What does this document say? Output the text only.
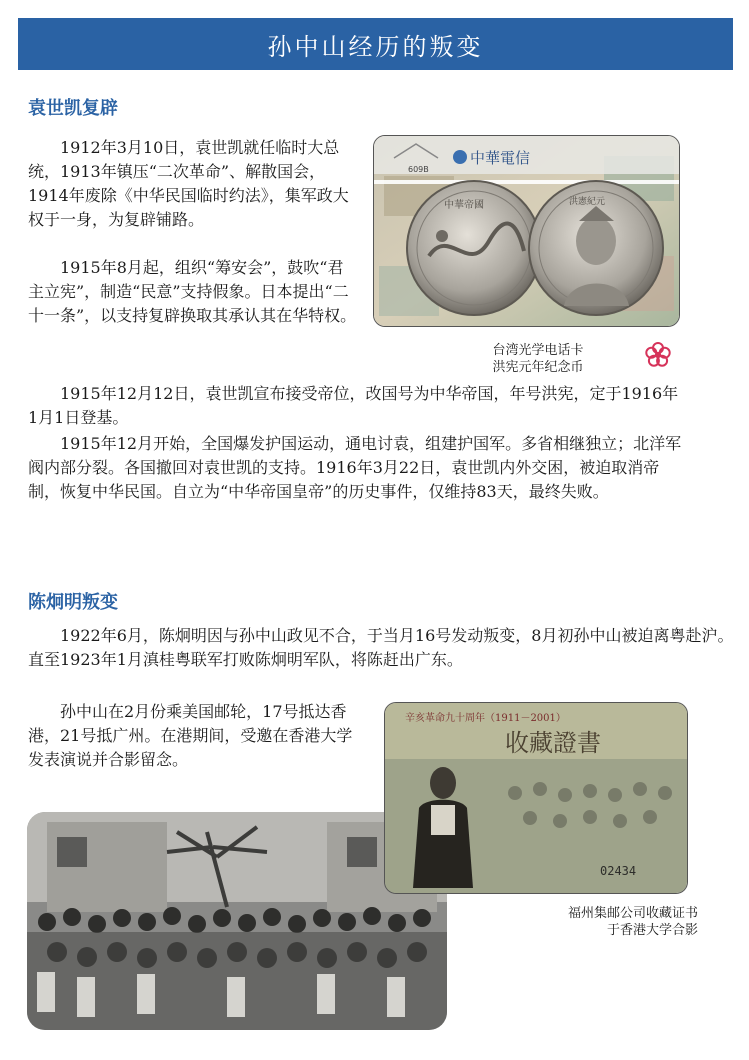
孙中山经历的叛变
袁世凯复辟

1912年3月10日，袁世凯就任临时大总统，1913年镇压“二次革命”、解散国会，1914年废除《中华民国临时约法》，集军政大权于一身，为复辟铺路。

1915年8月起，组织“筹安会”，鼓吹“君主立宪”，制造“民意”支持假象。日本提出“二十一条”，以支持复辟换取其承认其在华特权。

中華電信
609B
中華帝國	洪憲紀元
台湾光学电话卡
洪宪元年纪念币

1915年12月12日，袁世凯宣布接受帝位，改国号为中华帝国，年号洪宪，定于1916年1月1日登基。

1915年12月开始，全国爆发护国运动，通电讨袁，组建护国军。多省相继独立；北洋军阀内部分裂。各国撤回对袁世凯的支持。1916年3月22日，袁世凯内外交困，被迫取消帝制，恢复中华民国。自立为“中华帝国皇帝”的历史事件，仅维持83天，最终失败。

陈炯明叛变

1922年6月，陈炯明因与孙中山政见不合，于当月16号发动叛变，8月初孙中山被迫离粤赴沪。直至1923年1月滇桂粤联军打败陈炯明军队，将陈赶出广东。

孙中山在2月份乘美国邮轮，17号抵达香港，21号抵广州。在港期间，受邀在香港大学发表演说并合影留念。

辛亥革命九十周年（1911－2001）
收藏證書
02434
福州集邮公司收藏证书
于香港大学合影
